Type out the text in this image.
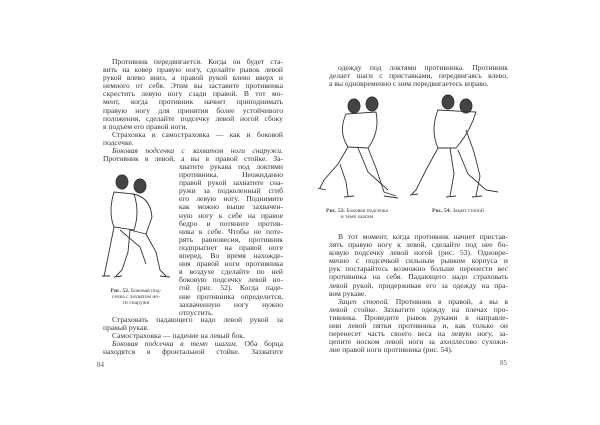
Противник передвигается. Когда он будет ста-
вить на ковер правую ногу, сделайте рывок левой
рукой влево вниз, а правой рукой влево вверх и
немного от себя. Этим вы заставите противника
скрестить левую ногу сзади правой. В тот мо-
мент, когда противник начнет приподнимать
правую ногу для принятия более устойчивого
положения, сделайте подсечку левой ногой сбоку
в подъем его правой ноги.
Страховка и самостраховка — как и боковой
подсечке.
Боковая подсечка с захватом ноги снаружи.
Противник в левой, а вы в правой стойке. За-
Рис. 52. Боковая под-
сечка с захватом но-
ги снаружи
хватите рукава под локтями
противника. Неожиданно
правой рукой захватите сна-
ружи за подколенный сгиб
его левую ногу. Поднимите
как можно выше захвачен-
ную ногу к себе на правое
бедро и потяните против-
ника к себе. Чтобы не поте-
рять равновесия, противник
подпрыгнет на правой ноге
вперед. Во время нахожде-
ния правой ноги противника
в воздухе сделайте по ней
боковую подсечку левой но-
гой (рис. 52). Когда паде-
ние противника определится,
захваченную ногу нужно
отпустить.
Страховать падающего надо левой рукой за
правый рукав.
Самостраховка — падение на левый бок.
Боковая подсечка в темп шагам. Оба борца
находятся в фронтальной стойке. Захватите
84
одежду под локтями противника. Противник
делает шаги с приставками, передвигаясь влево,
а вы одновременно с ним передвигаетесь вправо.
Рис. 53. Боковая подсечка
в темп шагам
Рис. 54. Зацеп стопой
В тот момент, когда противник начнет пристав-
лять правую ногу к левой, сделайте под нее бо-
ковую подсечку левой ногой (рис. 53). Одновре-
менно с подсечкой сильным рывком корпуса и
рук постарайтесь возможно больше перенести вес
противника на себя. Падающего надо страховать
левой рукой, придерживая его за одежду на пра-
вом рукаве.
Зацеп стопой. Противник в правой, а вы в
левой стойке. Захватите одежду на плечах про-
тивника. Проведите рывок руками в направле-
нии левой пятки противника и, как только он
перенесет часть своего веса на левую ногу, за-
цепите носком левой ноги за ахиллесово сухожи-
лие правой ноги противника (рис. 54).
85
